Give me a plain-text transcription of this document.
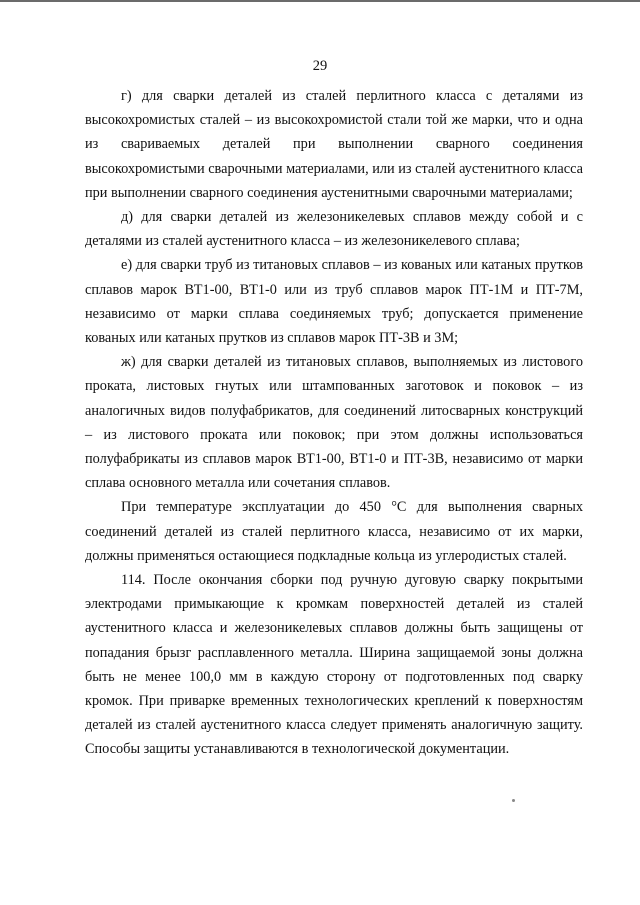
29

г) для сварки деталей из сталей перлитного класса с деталями из высокохромистых сталей – из высокохромистой стали той же марки, что и одна из свариваемых деталей при выполнении сварного соединения высокохромистыми сварочными материалами, или из сталей аустенитного класса при выполнении сварного соединения аустенитными сварочными материалами;

д) для сварки деталей из железоникелевых сплавов между собой и с деталями из сталей аустенитного класса – из железоникелевого сплава;

е) для сварки труб из титановых сплавов – из кованых или катаных прутков сплавов марок ВТ1-00, ВТ1-0 или из труб сплавов марок ПТ-1М и ПТ-7М, независимо от марки сплава соединяемых труб; допускается применение кованых или катаных прутков из сплавов марок ПТ-3В и 3М;

ж) для сварки деталей из титановых сплавов, выполняемых из листового проката, листовых гнутых или штампованных заготовок и поковок – из аналогичных видов полуфабрикатов, для соединений литосварных конструкций – из листового проката или поковок; при этом должны использоваться полуфабрикаты из сплавов марок ВТ1-00, ВТ1-0 и ПТ-3В, независимо от марки сплава основного металла или сочетания сплавов.

При температуре эксплуатации до 450 °С для выполнения сварных соединений деталей из сталей перлитного класса, независимо от их марки, должны применяться остающиеся подкладные кольца из углеродистых сталей.

114. После окончания сборки под ручную дуговую сварку покрытыми электродами примыкающие к кромкам поверхностей деталей из сталей аустенитного класса и железоникелевых сплавов должны быть защищены от попадания брызг расплавленного металла. Ширина защищаемой зоны должна быть не менее 100,0 мм в каждую сторону от подготовленных под сварку кромок. При приварке временных технологических креплений к поверхностям деталей из сталей аустенитного класса следует применять аналогичную защиту. Способы защиты устанавливаются в технологической документации.
